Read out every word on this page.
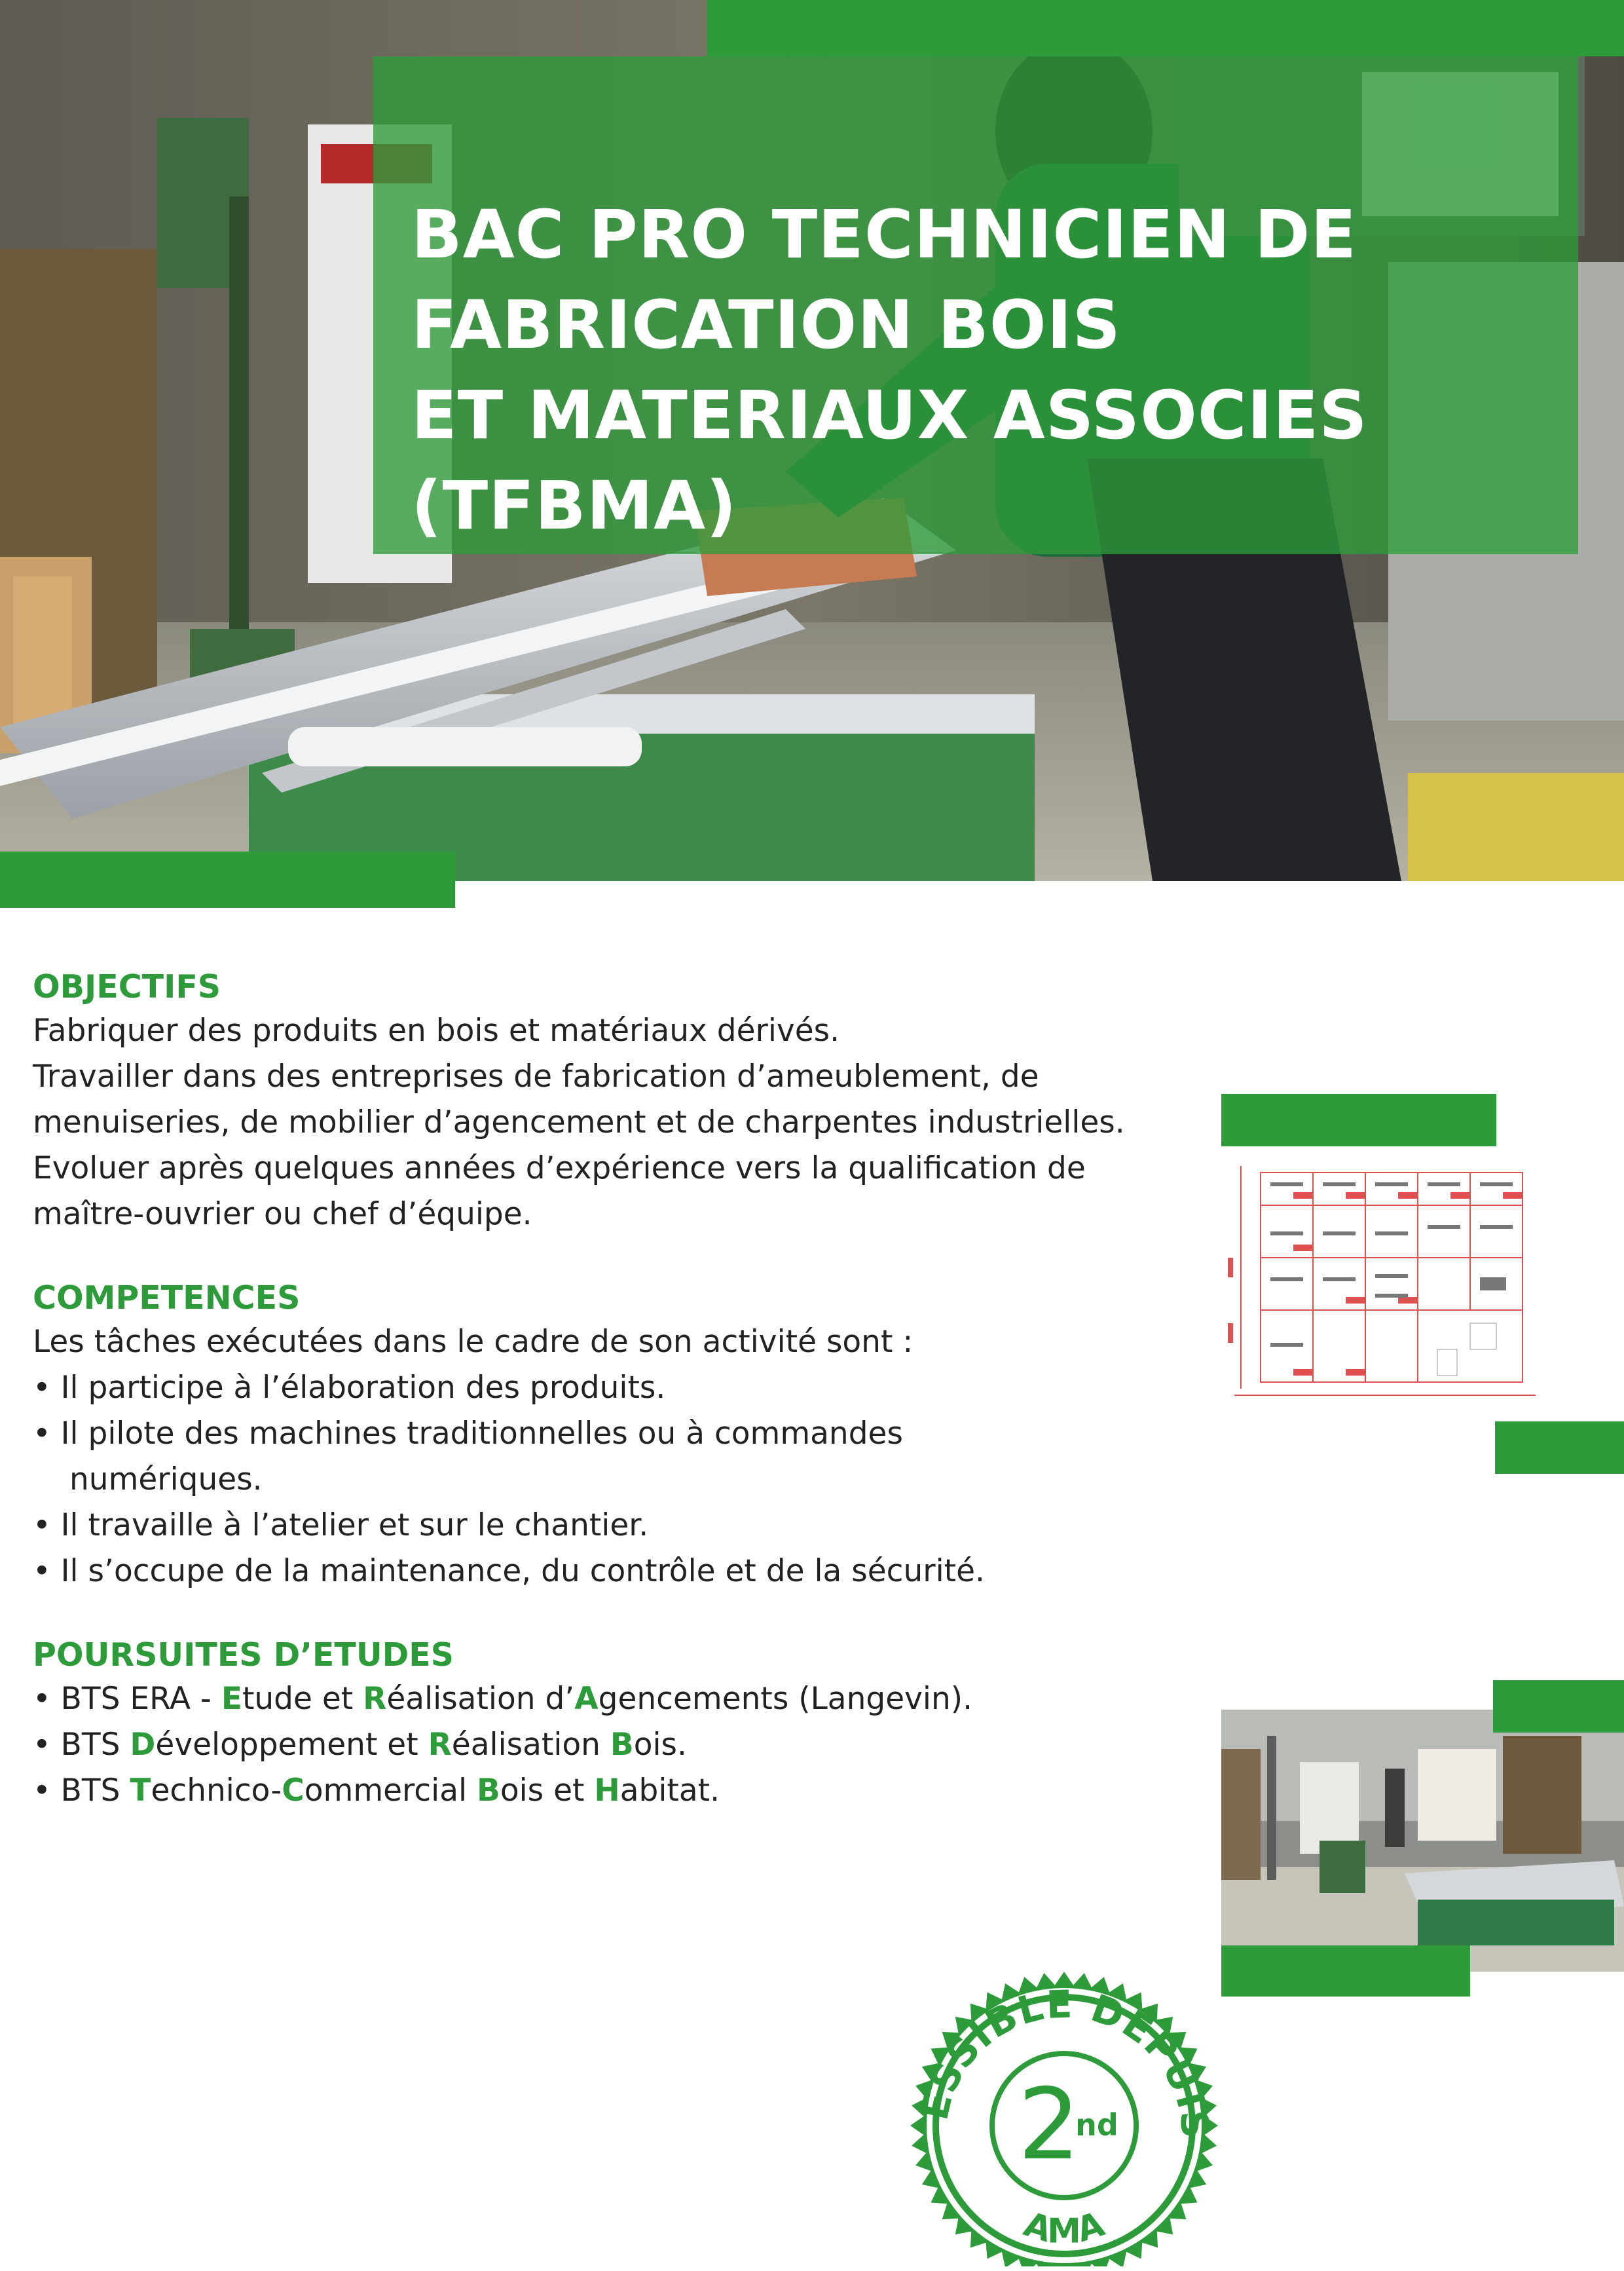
BAC PRO TECHNICIEN DE
FABRICATION BOIS
ET MATERIAUX ASSOCIES
(TFBMA)
OBJECTIFS

Fabriquer des produits en bois et matériaux dérivés.
Travailler dans des entreprises de fabrication d’ameublement, de
menuiseries, de mobilier d’agencement et de charpentes industrielles.
Evoluer après quelques années d’expérience vers la qualification de
maître-ouvrier ou chef d’équipe.

COMPETENCES

Les tâches exécutées dans le cadre de son activité sont :

• Il participe à l’élaboration des produits.
• Il pilote des machines traditionnelles ou à commandes
numériques.
• Il travaille à l’atelier et sur le chantier.
• Il s’occupe de la maintenance, du contrôle et de la sécurité.
POURSUITES D’ETUDES
• BTS ERA - Etude et Réalisation d’Agencements (Langevin).
• BTS Développement et Réalisation Bois.
• BTS Technico-Commercial Bois et Habitat.
ESSIBLE DEPUIS
2
nd
AMA
